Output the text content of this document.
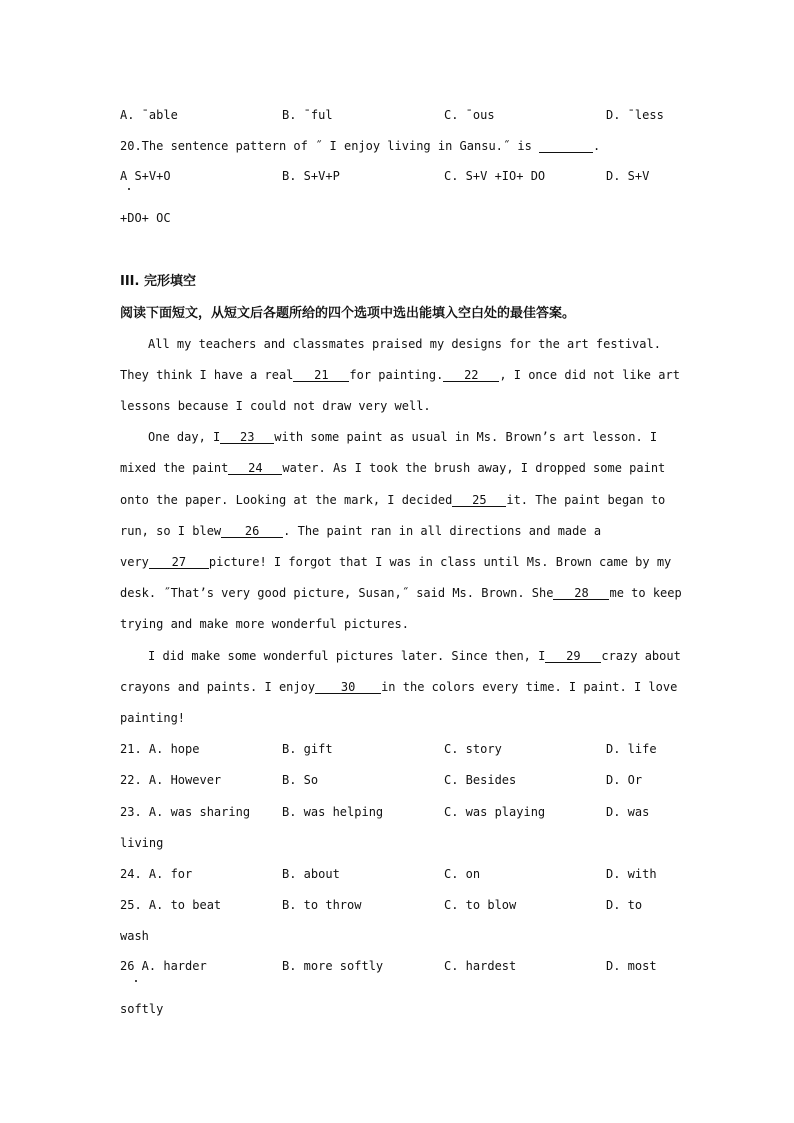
A. ¯able	B. ¯ful	C. ¯ous	D. ¯less
20.The sentence pattern of ˝ I enjoy living in Gansu.˝ is	.
A S+V+O	B. S+V+P	C. S+V +IO+ DO	D. S+V
+DO+ OC
III. 完形填空
阅读下面短文，从短文后各题所给的四个选项中选出能填入空白处的最佳答案。
All my teachers and classmates praised my designs for the art festival.
They think I have a real 21 for painting. 22 , I once did not like art
lessons because I could not draw very well.
One day, I 23 with some paint as usual in Ms. Brown’s art lesson. I
mixed the paint 24 water. As I took the brush away, I dropped some paint
onto the paper. Looking at the mark, I decided 25 it. The paint began to
run, so I blew 26 . The paint ran in all directions and made a
very 27 picture! I forgot that I was in class until Ms. Brown came by my
desk. ˝That’s very good picture, Susan,˝ said Ms. Brown. She 28 me to keep
trying and make more wonderful pictures.
I did make some wonderful pictures later. Since then, I 29 crazy about
crayons and paints. I enjoy 30 in the colors every time. I paint. I love
painting!
21. A. hope	B. gift	C. story	D. life
22. A. However	B. So	C. Besides	D. Or
23. A. was sharing	B. was helping	C. was playing	D. was
living
24. A. for	B. about	C. on	D. with
25. A. to beat	B. to throw	C. to blow	D. to
wash
26 A. harder	B. more softly	C. hardest	D. most
softly
